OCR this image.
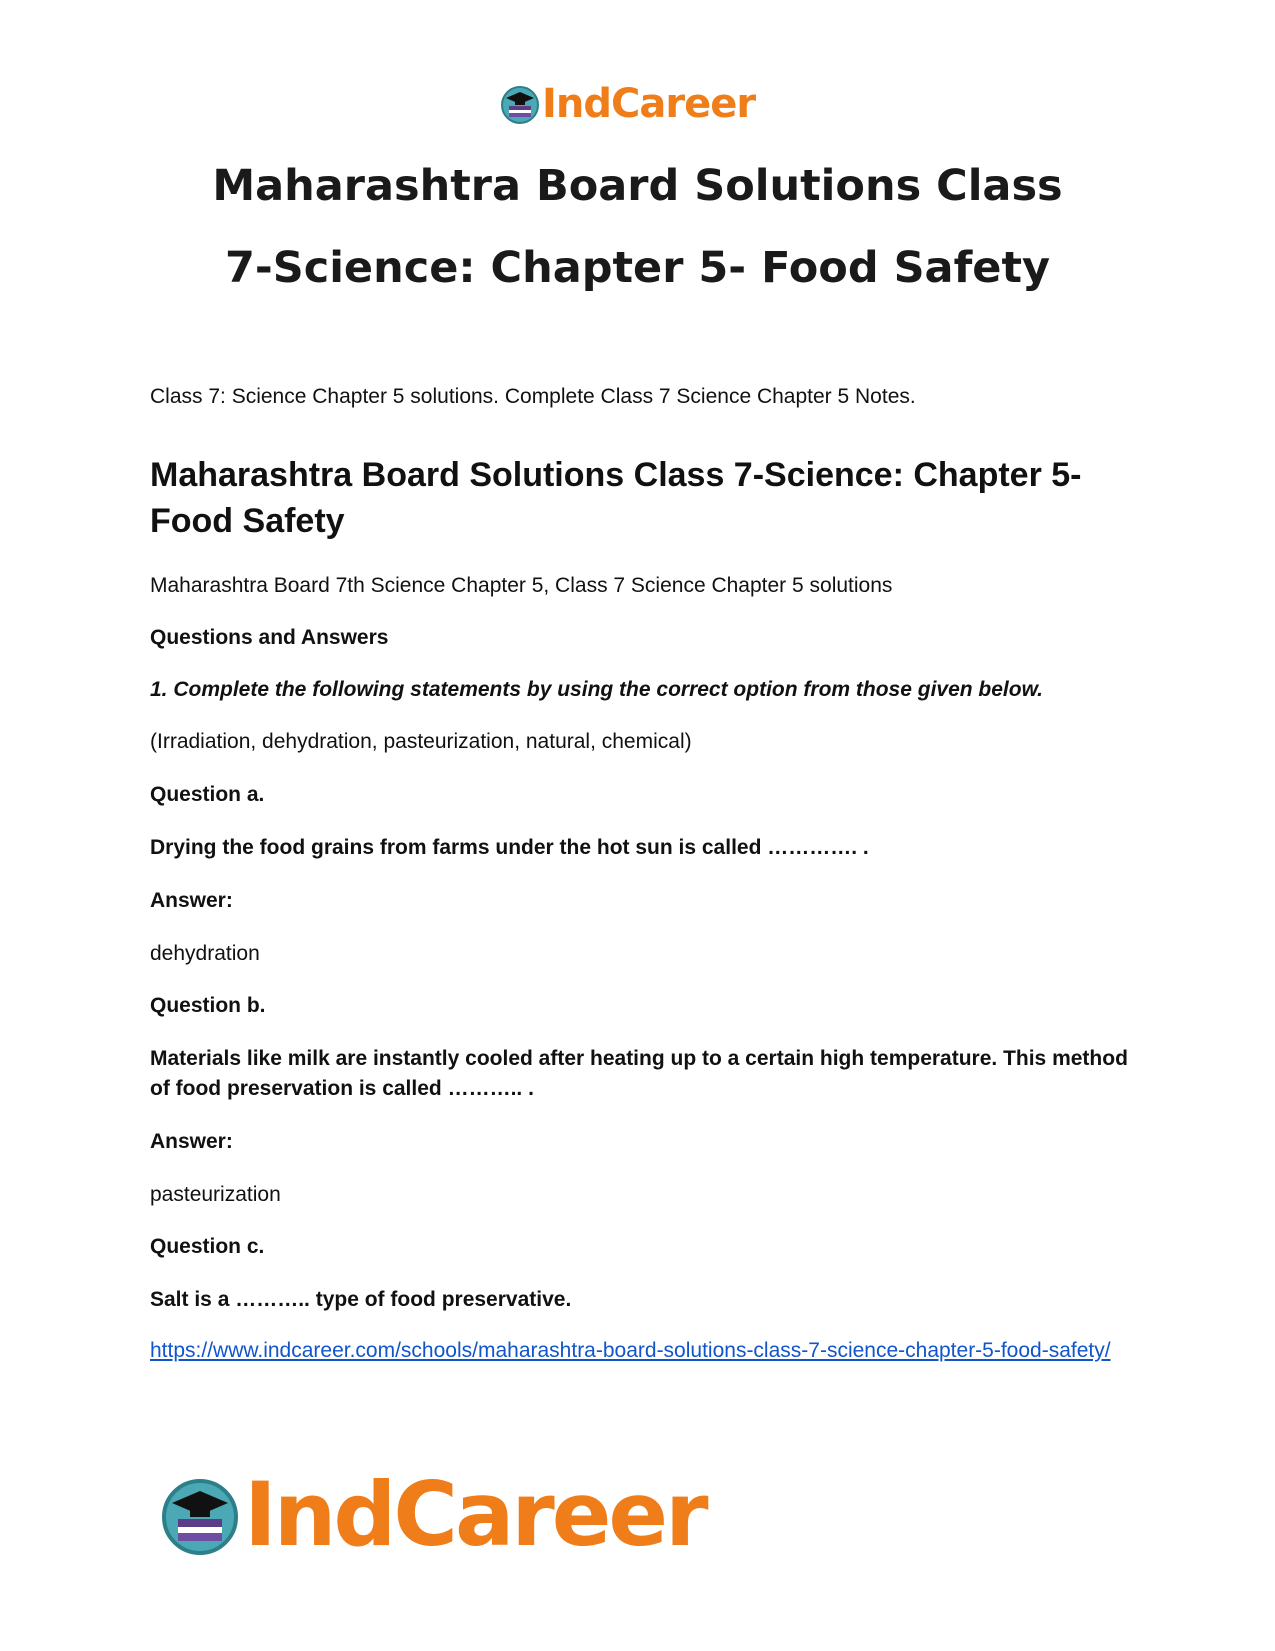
IndCareer
Maharashtra Board Solutions Class
7-Science: Chapter 5- Food Safety

Class 7: Science Chapter 5 solutions. Complete Class 7 Science Chapter 5 Notes.

Maharashtra Board Solutions Class 7-Science: Chapter 5- Food Safety

Maharashtra Board 7th Science Chapter 5, Class 7 Science Chapter 5 solutions

Questions and Answers

1. Complete the following statements by using the correct option from those given below.

(Irradiation, dehydration, pasteurization, natural, chemical)

Question a.

Drying the food grains from farms under the hot sun is called …………. .

Answer:

dehydration

Question b.

Materials like milk are instantly cooled after heating up to a certain high temperature. This method of food preservation is called ……….. .

Answer:

pasteurization

Question c.

Salt is a ……….. type of food preservative.

https://www.indcareer.com/schools/maharashtra-board-solutions-class-7-science-chapter-5-food-safety/

IndCareer
